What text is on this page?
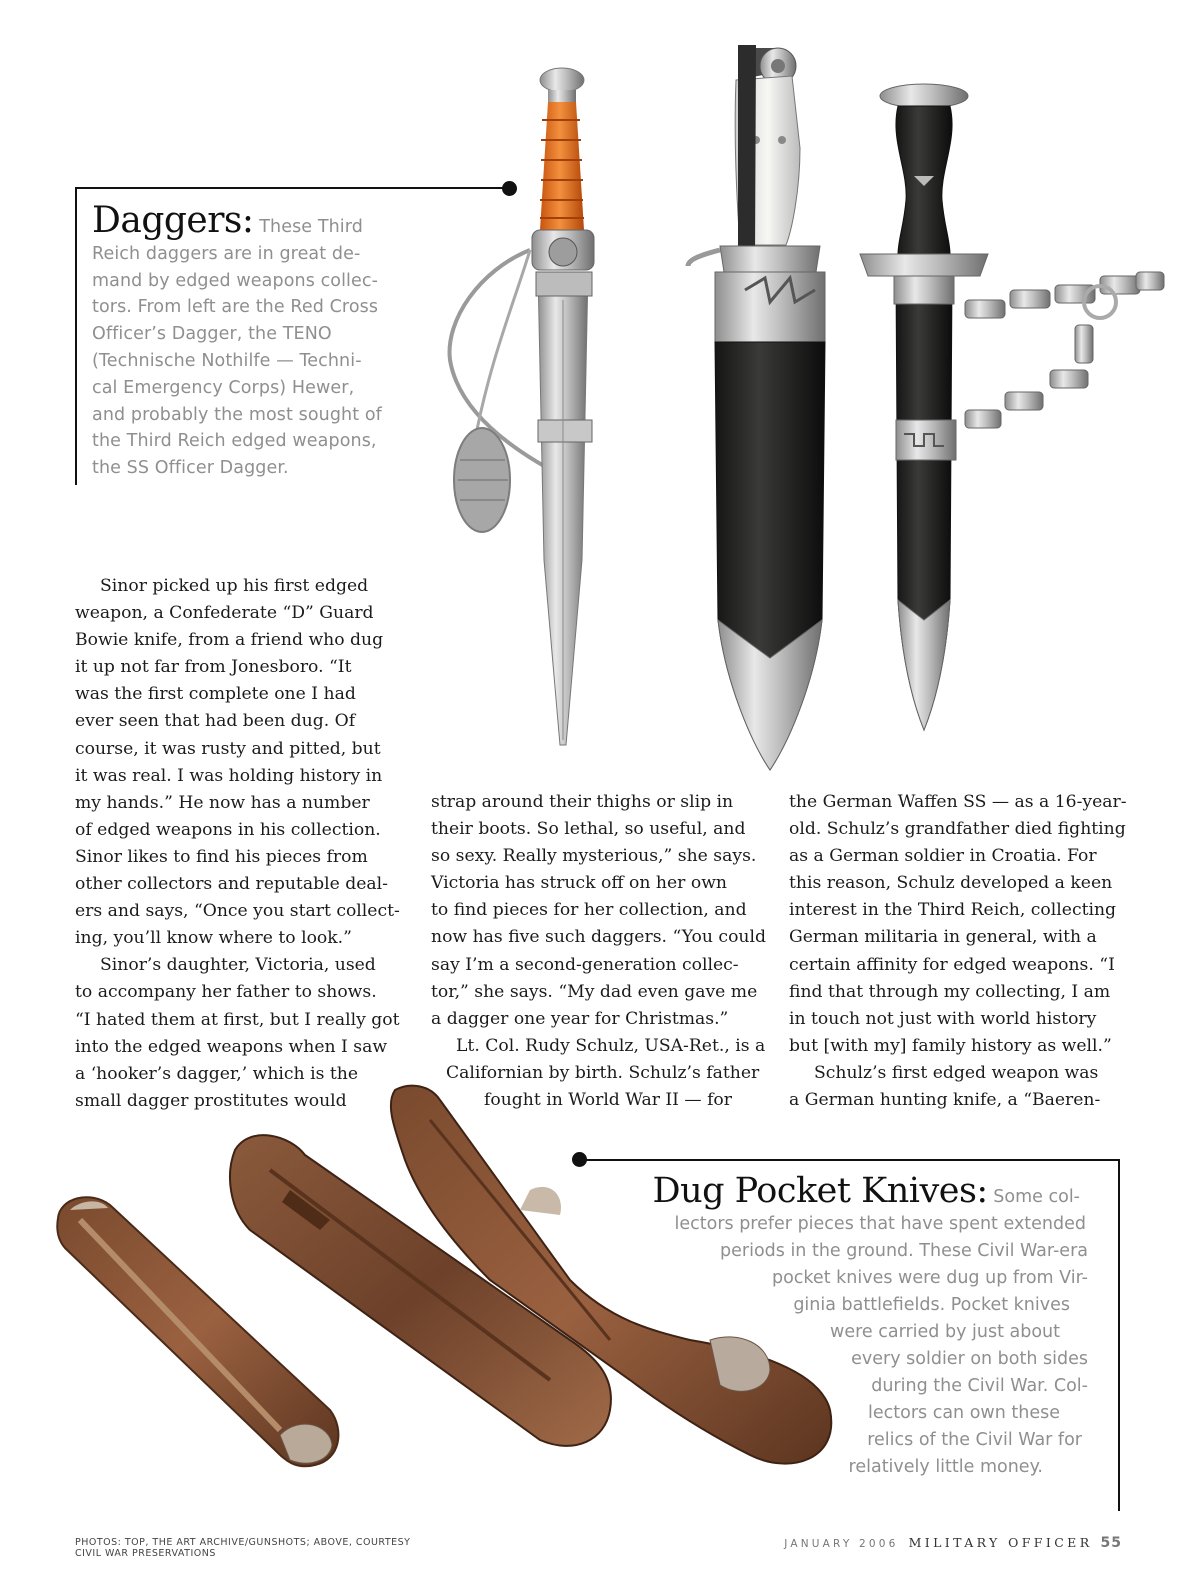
Daggers: These Third
Reich daggers are in great de-
mand by edged weapons collec-
tors. From left are the Red Cross
Officer’s Dagger, the TENO
(Technische Nothilfe — Techni-
cal Emergency Corps) Hewer,
and probably the most sought of
the Third Reich edged weapons,
the SS Officer Dagger.

Sinor picked up his first edged

weapon, a Confederate “D” Guard

Bowie knife, from a friend who dug

it up not far from Jonesboro. “It

was the first complete one I had

ever seen that had been dug. Of

course, it was rusty and pitted, but

it was real. I was holding history in

my hands.” He now has a number

of edged weapons in his collection.

Sinor likes to find his pieces from

other collectors and reputable deal-

ers and says, “Once you start collect-

ing, you’ll know where to look.”

Sinor’s daughter, Victoria, used

to accompany her father to shows.

“I hated them at first, but I really got

into the edged weapons when I saw

a ‘hooker’s dagger,’ which is the

small dagger prostitutes would

strap around their thighs or slip in

their boots. So lethal, so useful, and

so sexy. Really mysterious,” she says.

Victoria has struck off on her own

to find pieces for her collection, and

now has five such daggers. “You could

say I’m a second-generation collec-

tor,” she says. “My dad even gave me

a dagger one year for Christmas.”

Lt. Col. Rudy Schulz, USA-Ret., is a

Californian by birth. Schulz’s father

fought in World War II — for

the German Waffen SS — as a 16-year-

old. Schulz’s grandfather died fighting

as a German soldier in Croatia. For

this reason, Schulz developed a keen

interest in the Third Reich, collecting

German militaria in general, with a

certain affinity for edged weapons. “I

find that through my collecting, I am

in touch not just with world history

but [with my] family history as well.”

Schulz’s first edged weapon was

a German hunting knife, a “Baeren-

Dug Pocket Knives: Some col-
lectors prefer pieces that have spent extended
periods in the ground. These Civil War-era
pocket knives were dug up from Vir-
ginia battlefields. Pocket knives
were carried by just about
every soldier on both sides
during the Civil War. Col-
lectors can own these
relics of the Civil War for
relatively little money.
PHOTOS: TOP, THE ART ARCHIVE/GUNSHOTS; ABOVE, COURTESY
CIVIL WAR PRESERVATIONS
JANUARY 2006 MILITARY OFFICER 55
